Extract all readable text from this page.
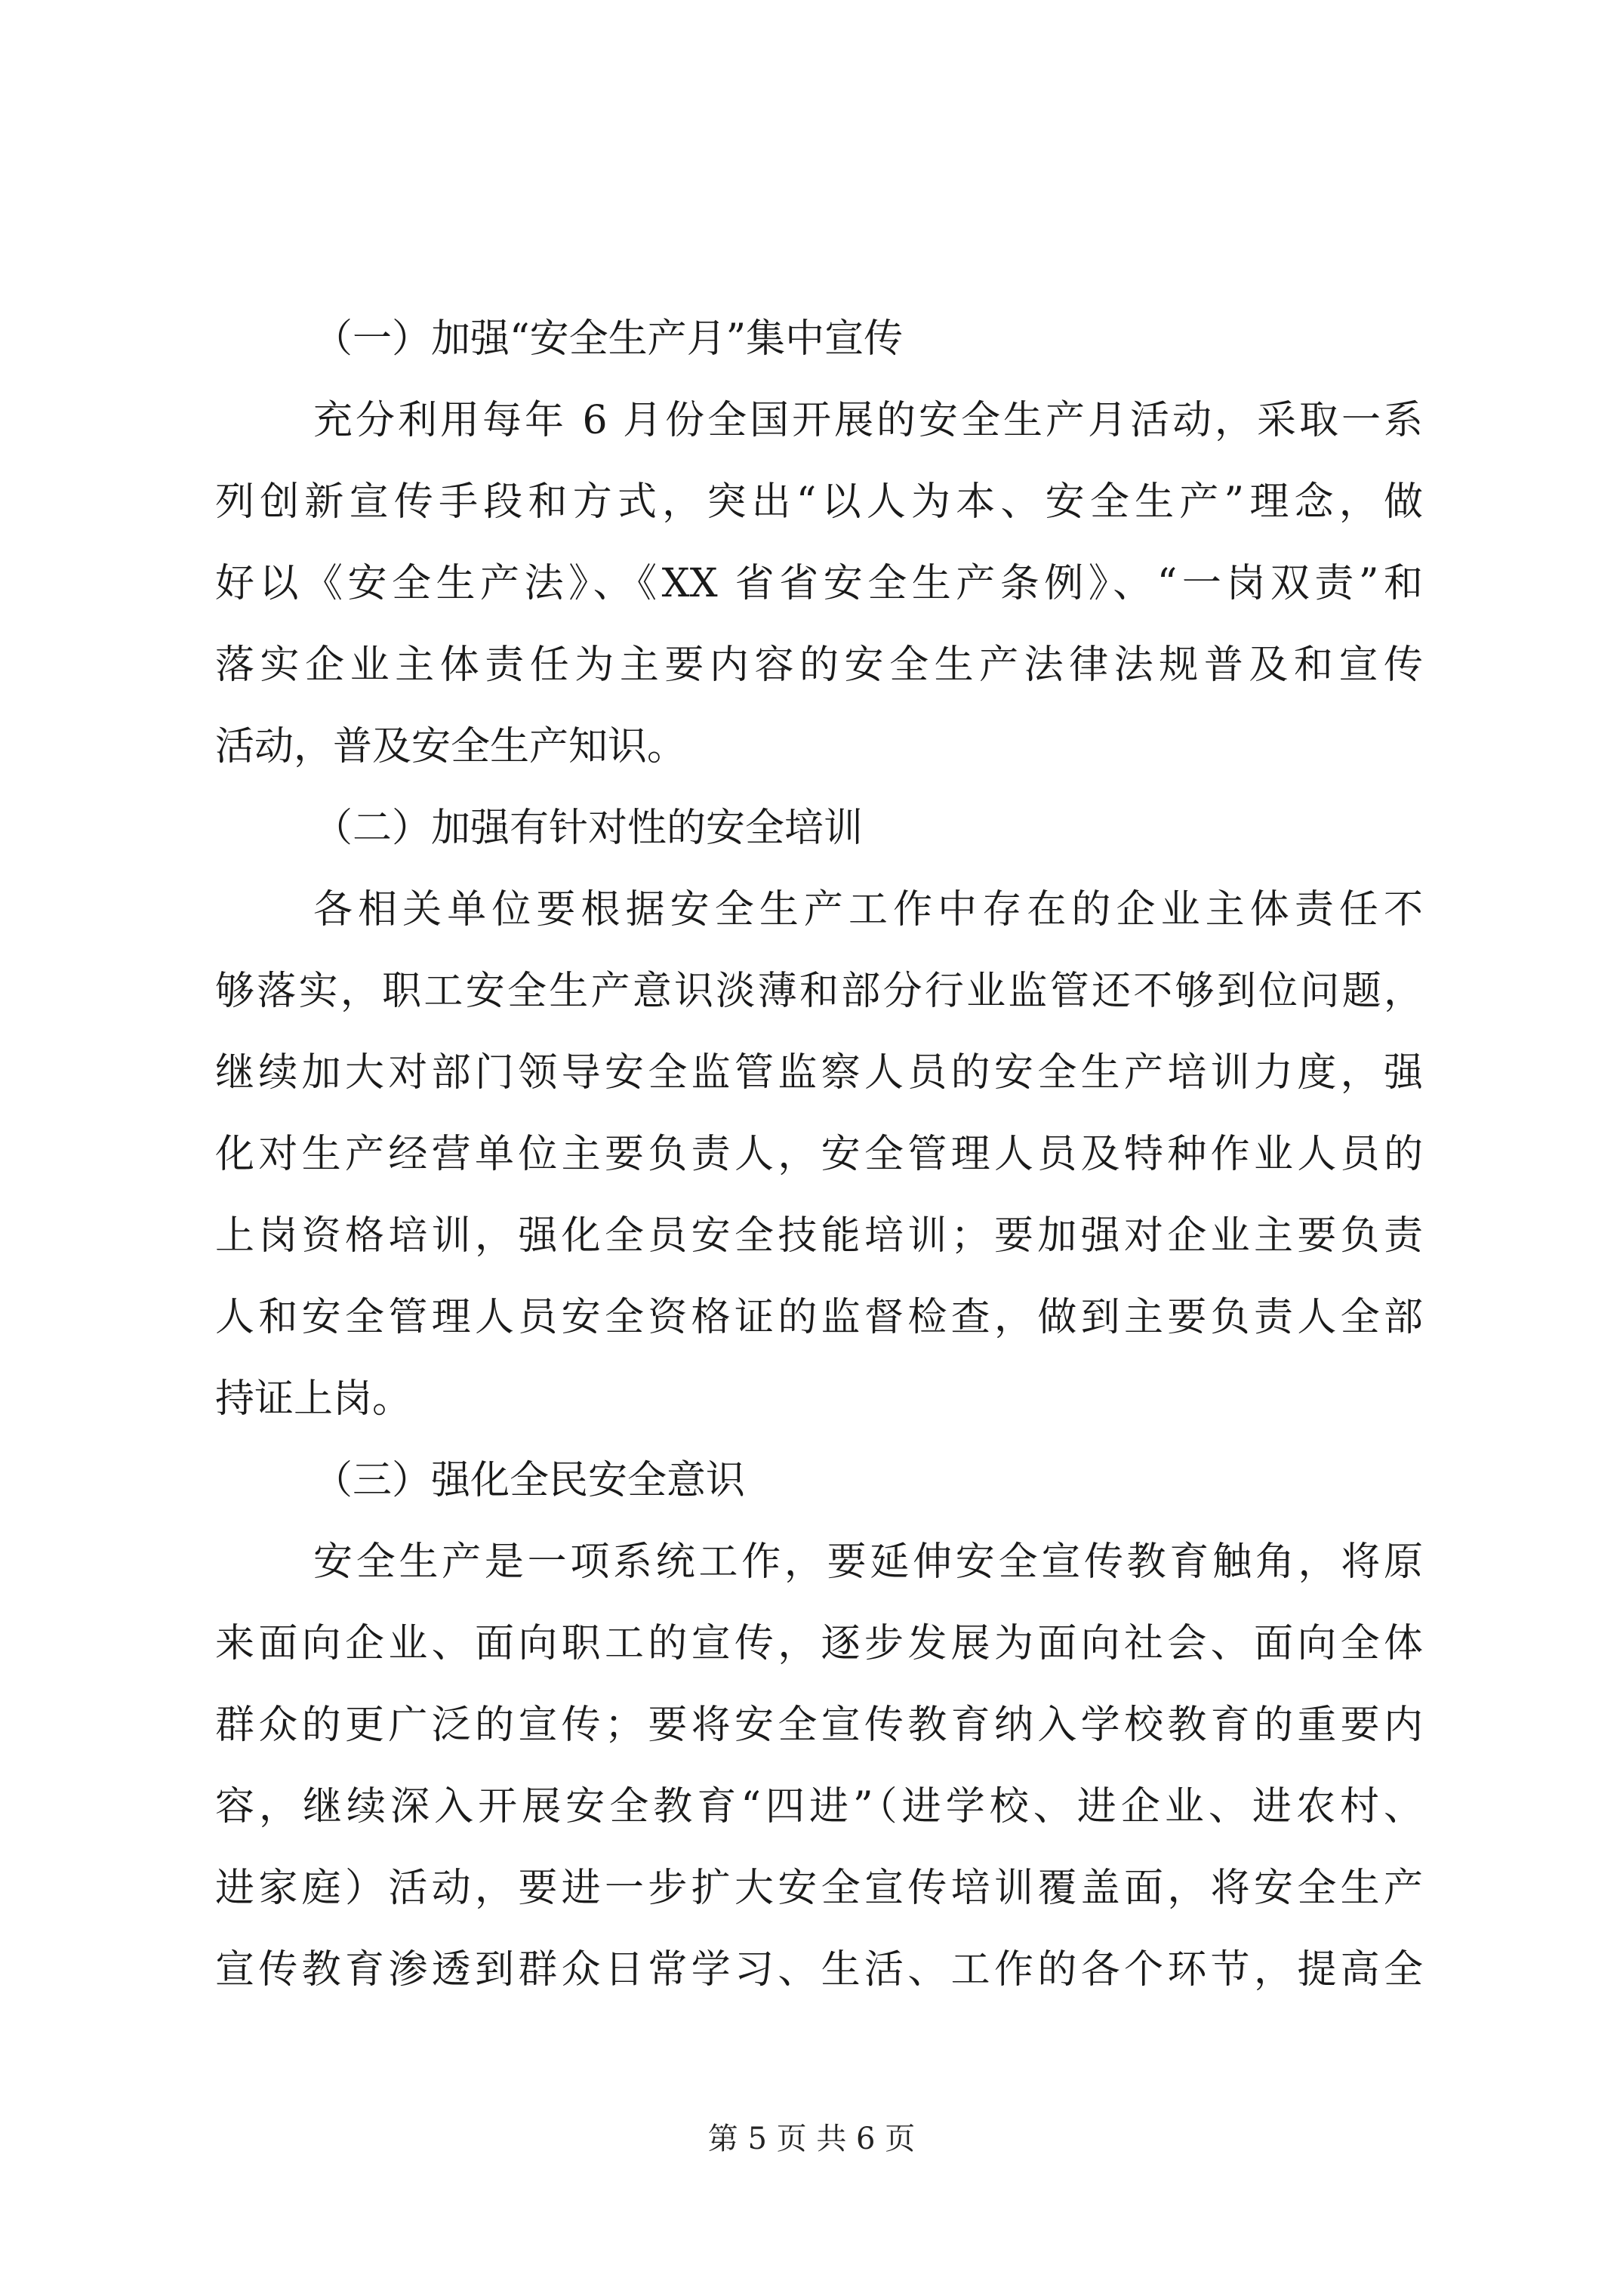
（一）加强“安全生产月”集中宣传

充分利用每年 6 月份全国开展的安全生产月活动，采取一系
列创新宣传手段和方式，突出“以人为本、安全生产”理念，做
好以《安全生产法》、《XX 省省安全生产条例》、“一岗双责”和
落实企业主体责任为主要内容的安全生产法律法规普及和宣传
活动，普及安全生产知识。

（二）加强有针对性的安全培训

各相关单位要根据安全生产工作中存在的企业主体责任不
够落实，职工安全生产意识淡薄和部分行业监管还不够到位问题，
继续加大对部门领导安全监管监察人员的安全生产培训力度，强
化对生产经营单位主要负责人，安全管理人员及特种作业人员的
上岗资格培训，强化全员安全技能培训；要加强对企业主要负责
人和安全管理人员安全资格证的监督检查，做到主要负责人全部
持证上岗。

（三）强化全民安全意识

安全生产是一项系统工作，要延伸安全宣传教育触角，将原
来面向企业、面向职工的宣传，逐步发展为面向社会、面向全体
群众的更广泛的宣传；要将安全宣传教育纳入学校教育的重要内
容，继续深入开展安全教育“四进”（进学校、进企业、进农村、
进家庭）活动，要进一步扩大安全宣传培训覆盖面，将安全生产
宣传教育渗透到群众日常学习、生活、工作的各个环节，提高全
第 5 页 共 6 页
